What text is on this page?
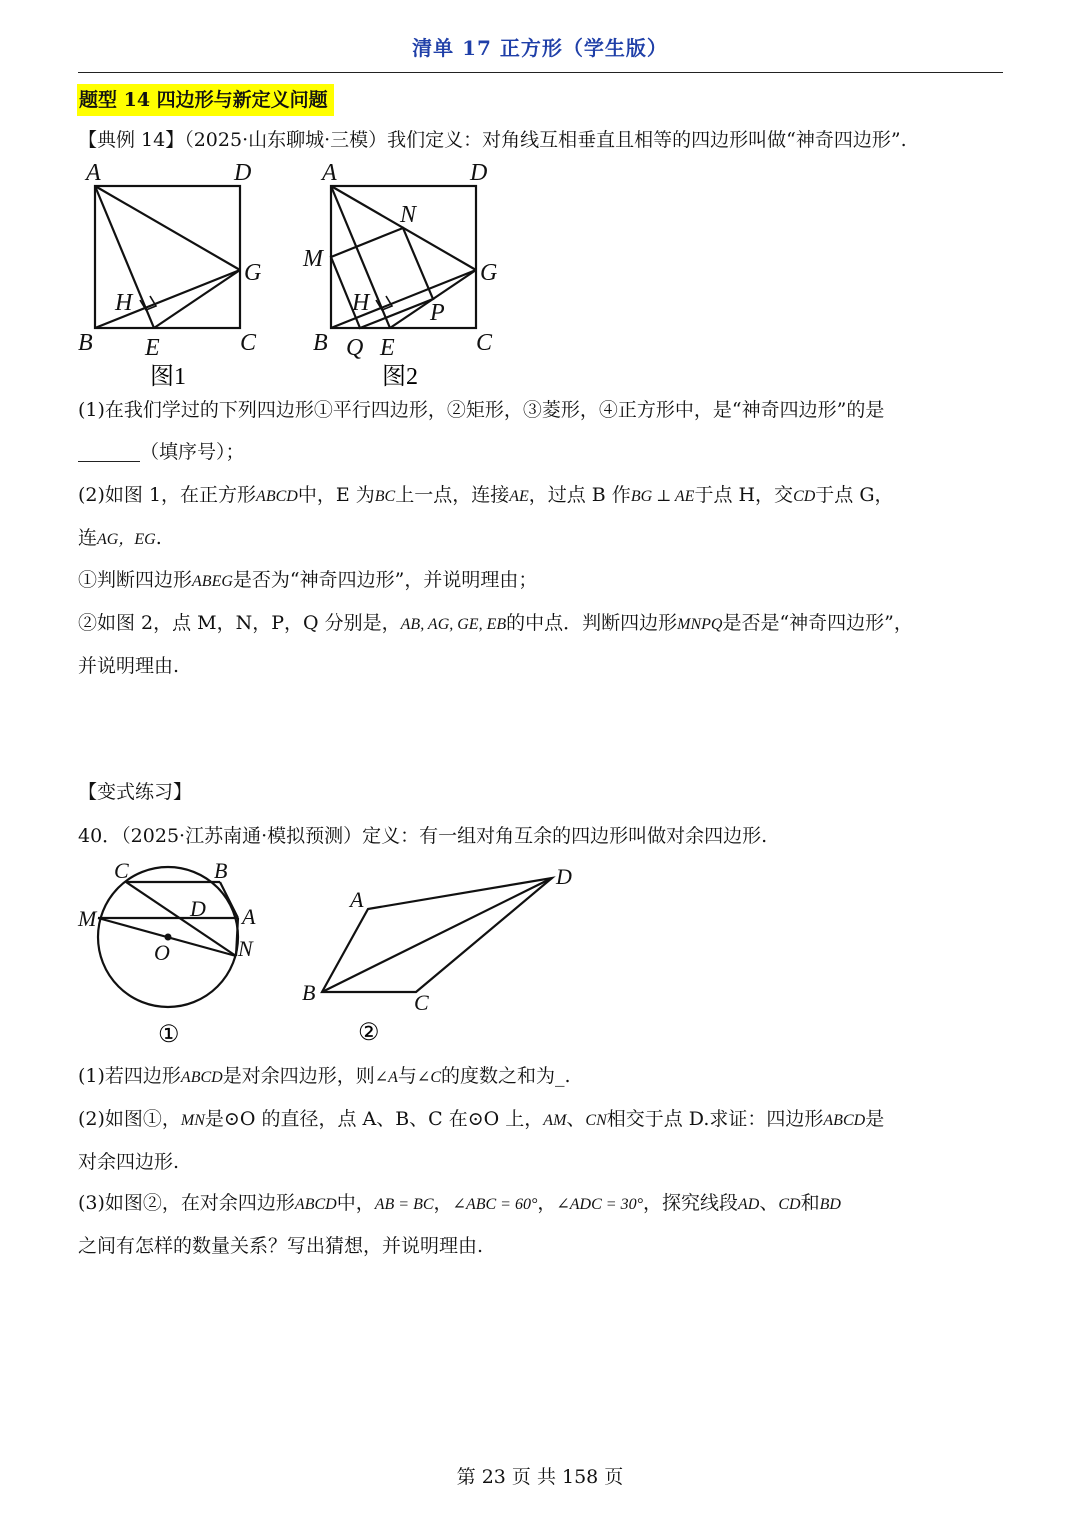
清单 17 正方形（学生版）
题型 14 四边形与新定义问题
【典例 14】（2025·山东聊城·三模）我们定义：对角线互相垂直且相等的四边形叫做“神奇四边形”.
A	D
B	C
G
H
E
图1
A	D
B	C
G
H
E
M
N
P
Q
图2
(1)在我们学过的下列四边形①平行四边形，②矩形，③菱形，④正方形中，是“神奇四边形”的是
（填序号）；
(2)如图 1，在正方形ABCD中，E 为BC上一点，连接AE，过点 B 作BG ⊥ AE于点 H，交CD于点 G，
连AG，EG.
①判断四边形ABEG是否为“神奇四边形”，并说明理由；
②如图 2，点 M，N，P，Q 分别是，AB, AG, GE, EB的中点．判断四边形MNPQ是否是“神奇四边形”，
并说明理由.
【变式练习】
40．（2025·江苏南通·模拟预测）定义：有一组对角互余的四边形叫做对余四边形.
C	B
M	D A
O	N
①
A
D
B	C
②
(1)若四边形ABCD是对余四边形，则∠A与∠C的度数之和为_.
(2)如图①，MN是⊙O 的直径，点 A、B、C 在⊙O 上，AM、CN相交于点 D.求证：四边形ABCD是
对余四边形.
(3)如图②，在对余四边形ABCD中，AB = BC，∠ABC = 60°，∠ADC = 30°，探究线段AD、CD和BD
之间有怎样的数量关系？写出猜想，并说明理由.
第 23 页 共 158 页
